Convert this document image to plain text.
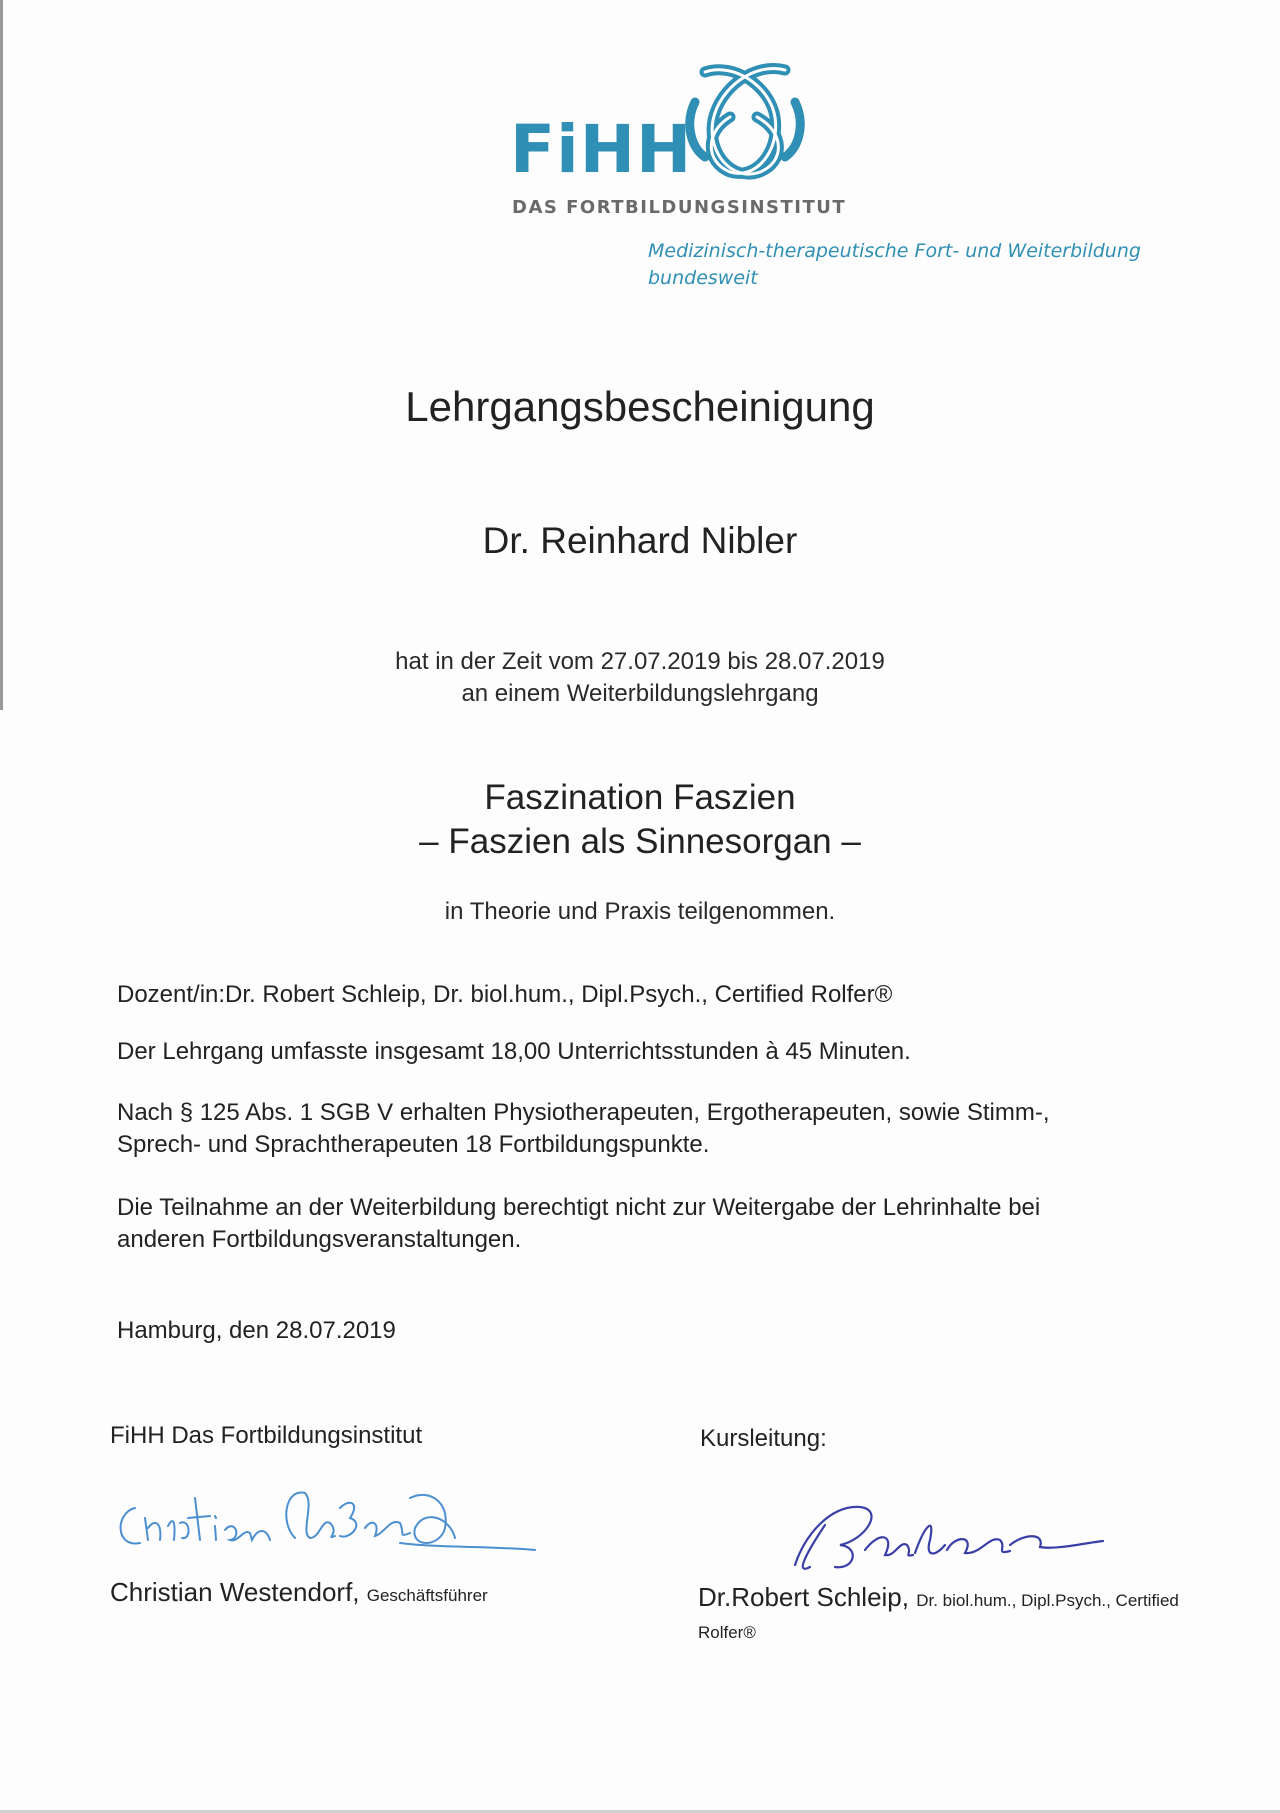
FiHH
DAS FORTBILDUNGSINSTITUT
Medizinisch-therapeutische Fort- und Weiterbildung
bundesweit
Lehrgangsbescheinigung
Dr. Reinhard Nibler
hat in der Zeit vom 27.07.2019 bis 28.07.2019
an einem Weiterbildungslehrgang
Faszination Faszien
– Faszien als Sinnesorgan –
in Theorie und Praxis teilgenommen.
Dozent/in:Dr. Robert Schleip, Dr. biol.hum., Dipl.Psych., Certified Rolfer®
Der Lehrgang umfasste insgesamt 18,00 Unterrichtsstunden à 45 Minuten.
Nach § 125 Abs. 1 SGB V erhalten Physiotherapeuten, Ergotherapeuten, sowie Stimm-,
Sprech- und Sprachtherapeuten 18 Fortbildungspunkte.
Die Teilnahme an der Weiterbildung berechtigt nicht zur Weitergabe der Lehrinhalte bei
anderen Fortbildungsveranstaltungen.
Hamburg, den 28.07.2019
FiHH Das Fortbildungsinstitut	Kursleitung:
Christian Westendorf, Geschäftsführer	Dr.Robert Schleip, Dr. biol.hum., Dipl.Psych., Certified
Rolfer®
